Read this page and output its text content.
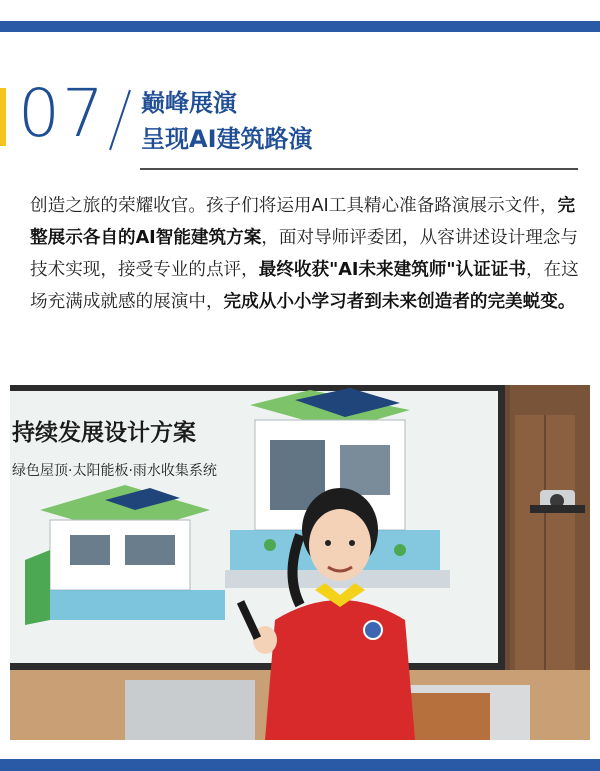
07 巅峰展演
呈现AI建筑路演

创造之旅的荣耀收官。孩子们将运用AI工具精心准备路演展示文件，完整展示各自的AI智能建筑方案，面对导师评委团，从容讲述设计理念与技术实现，接受专业的点评，最终收获"AI未来建筑师"认证证书，在这场充满成就感的展演中，完成从小小学习者到未来创造者的完美蜕变。

持续发展设计方案
绿色屋顶·太阳能板·雨水收集系统
